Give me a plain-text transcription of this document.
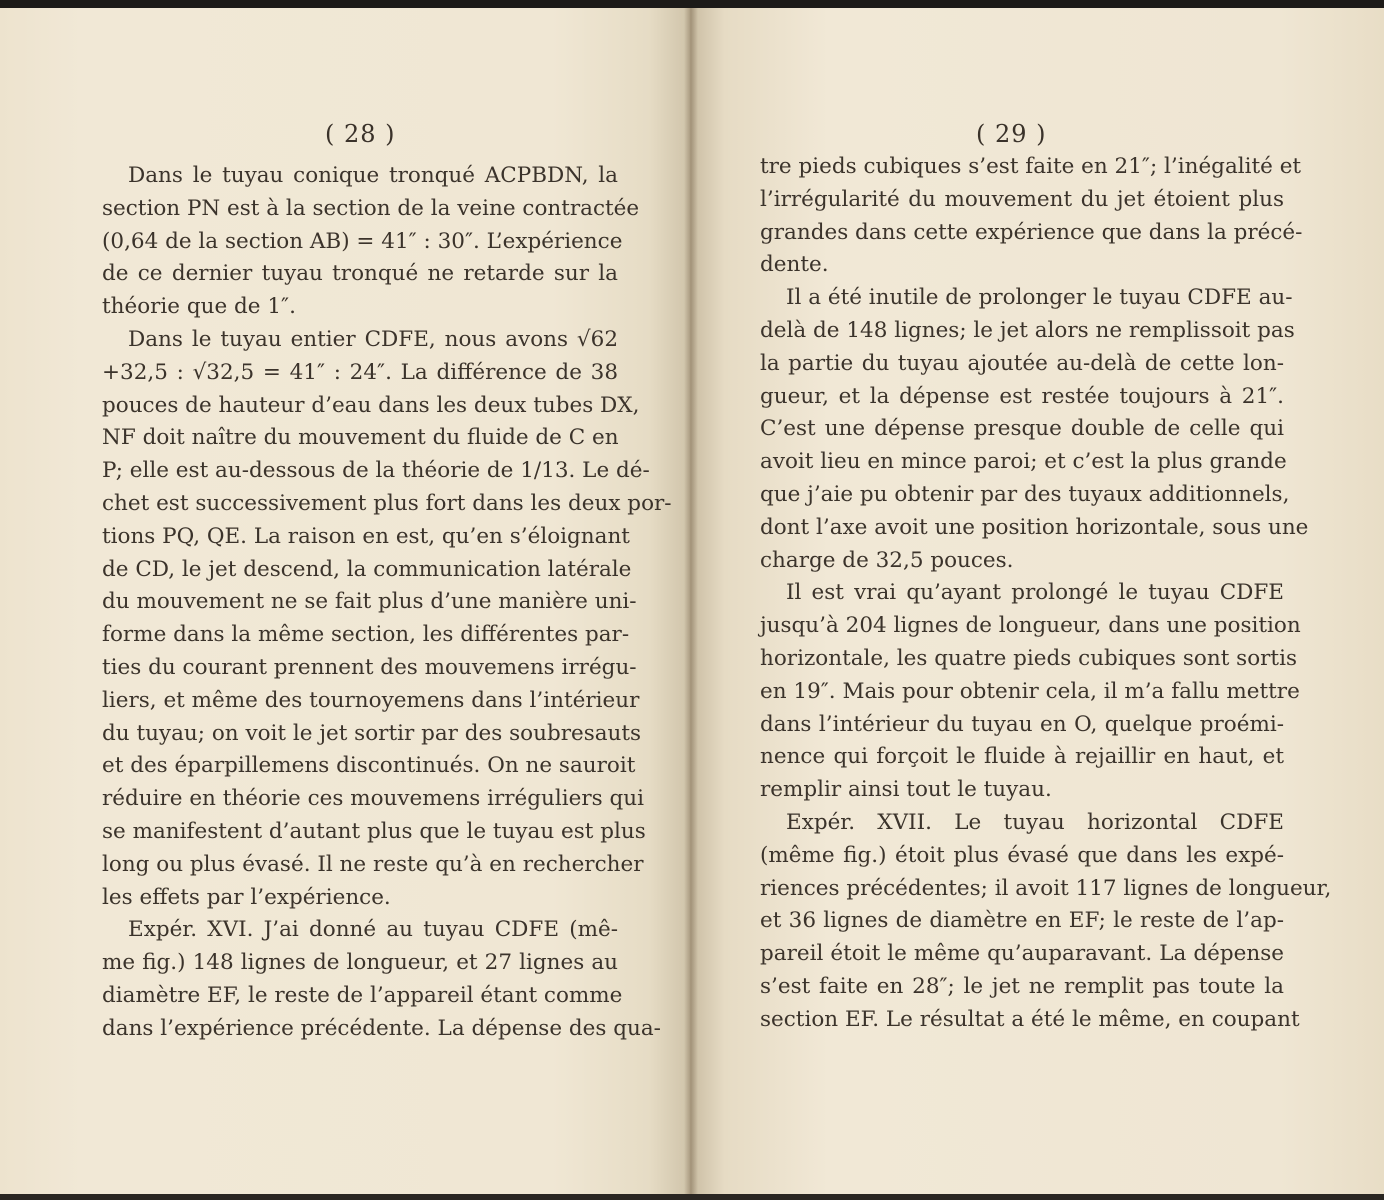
( 28 )
Dans le tuyau conique tronqué ACPBDN, la
section PN est à la section de la veine contractée
(0,64 de la section AB) = 41″ : 30″. L’expérience
de ce dernier tuyau tronqué ne retarde sur la
théorie que de 1″.
Dans le tuyau entier CDFE, nous avons √62
+32,5 : √32,5 = 41″ : 24″. La différence de 38
pouces de hauteur d’eau dans les deux tubes DX,
NF doit naître du mouvement du fluide de C en
P; elle est au-dessous de la théorie de 1/13. Le dé-
chet est successivement plus fort dans les deux por-
tions PQ, QE. La raison en est, qu’en s’éloignant
de CD, le jet descend, la communication latérale
du mouvement ne se fait plus d’une manière uni-
forme dans la même section, les différentes par-
ties du courant prennent des mouvemens irrégu-
liers, et même des tournoyemens dans l’intérieur
du tuyau; on voit le jet sortir par des soubresauts
et des éparpillemens discontinués. On ne sauroit
réduire en théorie ces mouvemens irréguliers qui
se manifestent d’autant plus que le tuyau est plus
long ou plus évasé. Il ne reste qu’à en rechercher
les effets par l’expérience.
Expér. XVI. J’ai donné au tuyau CDFE (mê-
me fig.) 148 lignes de longueur, et 27 lignes au
diamètre EF, le reste de l’appareil étant comme
dans l’expérience précédente. La dépense des qua-
( 29 )
tre pieds cubiques s’est faite en 21″; l’inégalité et
l’irrégularité du mouvement du jet étoient plus
grandes dans cette expérience que dans la précé-
dente.
Il a été inutile de prolonger le tuyau CDFE au-
delà de 148 lignes; le jet alors ne remplissoit pas
la partie du tuyau ajoutée au-delà de cette lon-
gueur, et la dépense est restée toujours à 21″.
C’est une dépense presque double de celle qui
avoit lieu en mince paroi; et c’est la plus grande
que j’aie pu obtenir par des tuyaux additionnels,
dont l’axe avoit une position horizontale, sous une
charge de 32,5 pouces.
Il est vrai qu’ayant prolongé le tuyau CDFE
jusqu’à 204 lignes de longueur, dans une position
horizontale, les quatre pieds cubiques sont sortis
en 19″. Mais pour obtenir cela, il m’a fallu mettre
dans l’intérieur du tuyau en O, quelque proémi-
nence qui forçoit le fluide à rejaillir en haut, et
remplir ainsi tout le tuyau.
Expér. XVII. Le tuyau horizontal CDFE
(même fig.) étoit plus évasé que dans les expé-
riences précédentes; il avoit 117 lignes de longueur,
et 36 lignes de diamètre en EF; le reste de l’ap-
pareil étoit le même qu’auparavant. La dépense
s’est faite en 28″; le jet ne remplit pas toute la
section EF. Le résultat a été le même, en coupant
